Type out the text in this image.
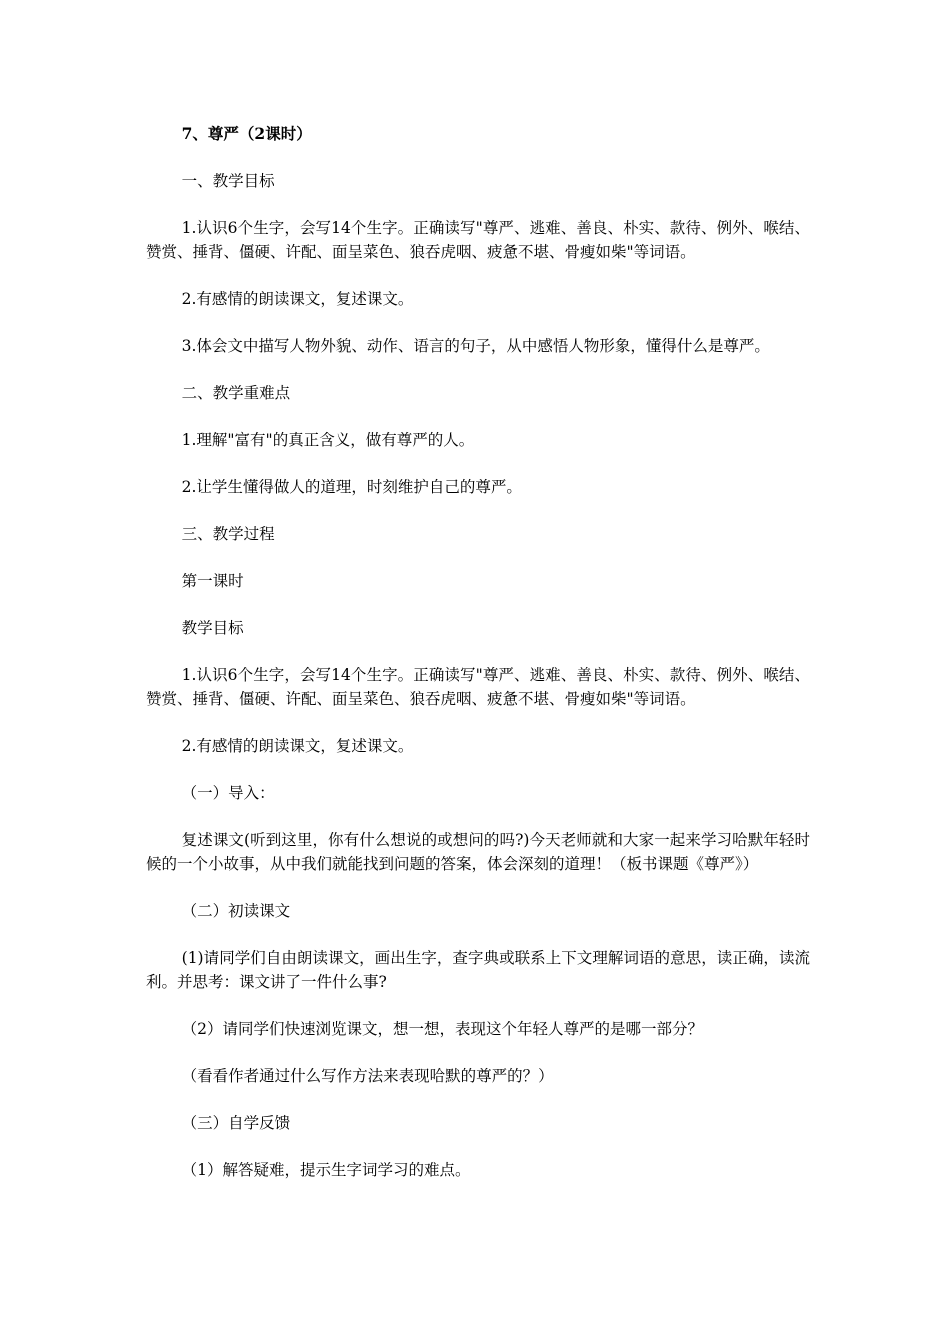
7、尊严（2课时）

一、教学目标

1.认识6个生字，会写14个生字。正确读写"尊严、逃难、善良、朴实、款待、例外、喉结、赞赏、捶背、僵硬、许配、面呈菜色、狼吞虎咽、疲惫不堪、骨瘦如柴"等词语。

2.有感情的朗读课文，复述课文。

3.体会文中描写人物外貌、动作、语言的句子，从中感悟人物形象，懂得什么是尊严。

二、教学重难点

1.理解"富有"的真正含义，做有尊严的人。

2.让学生懂得做人的道理，时刻维护自己的尊严。

三、教学过程

第一课时

教学目标

1.认识6个生字，会写14个生字。正确读写"尊严、逃难、善良、朴实、款待、例外、喉结、赞赏、捶背、僵硬、许配、面呈菜色、狼吞虎咽、疲惫不堪、骨瘦如柴"等词语。

2.有感情的朗读课文，复述课文。

（一）导入：

复述课文(听到这里，你有什么想说的或想问的吗?)今天老师就和大家一起来学习哈默年轻时候的一个小故事，从中我们就能找到问题的答案，体会深刻的道理！（板书课题《尊严》）

（二）初读课文

(1)请同学们自由朗读课文，画出生字，查字典或联系上下文理解词语的意思，读正确，读流利。并思考：课文讲了一件什么事?

（2）请同学们快速浏览课文，想一想，表现这个年轻人尊严的是哪一部分？

（看看作者通过什么写作方法来表现哈默的尊严的？）

（三）自学反馈

（1）解答疑难，提示生字词学习的难点。
